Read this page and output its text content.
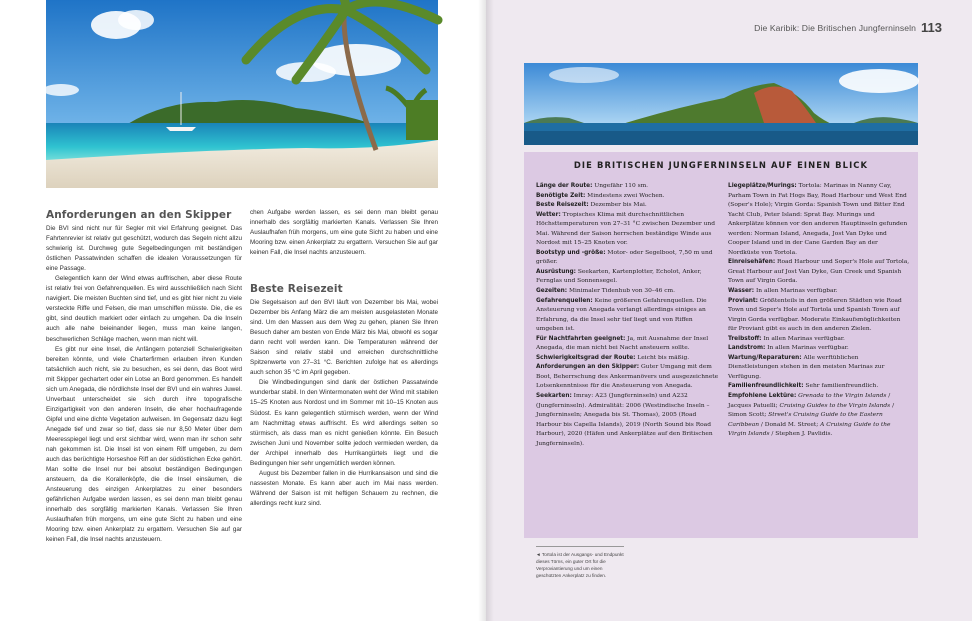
Anforderungen an den Skipper

Die BVI sind nicht nur für Segler mit viel Erfahrung geeignet. Das Fahrtenrevier ist relativ gut geschützt, wodurch das Segeln nicht allzu schwierig ist. Durchweg gute Segelbedingungen mit beständigen östlichen Passatwinden schaffen die idealen Voraussetzungen für eine Passage.

Gelegentlich kann der Wind etwas auffrischen, aber diese Route ist relativ frei von Gefahrenquellen. Es wird ausschließlich nach Sicht navigiert. Die meisten Buchten sind tief, und es gibt hier nicht zu viele versteckte Riffe und Felsen, die man umschiffen müsste. Die, die es gibt, sind deutlich markiert oder einfach zu umgehen. Da die Inseln auch alle nahe beieinander liegen, muss man keine langen, beschwerlichen Schläge machen, wenn man nicht will.

Es gibt nur eine Insel, die Anfängern potenziell Schwierigkeiten bereiten könnte, und viele Charterfirmen erlauben ihren Kunden tatsächlich auch nicht, sie zu besuchen, es sei denn, das Boot wird mit Skipper gechartert oder ein Lotse an Bord genommen. Es handelt sich um Anegada, die nördlichste Insel der BVI und ein wahres Juwel. Unverbaut unterscheidet sie sich durch ihre topografische Einzigartigkeit von den anderen Inseln, die eher hochaufragende Gipfel und eine dichte Vegetation aufweisen. Im Gegensatz dazu liegt Anegade tief und zwar so tief, dass sie nur 8,50 Meter über dem Meeresspiegel liegt und erst sichtbar wird, wenn man ihr schon sehr nah gekommen ist. Die Insel ist von einem Riff umgeben, zu dem auch das berüchtigte Horseshoe Riff an der südöstlichen Ecke gehört. Man sollte die Insel nur bei absolut beständigen Bedingungen ansteuern, da die Korallenköpfe, die die Insel einsäumen, die Ansteuerung des einzigen Ankerplatzes zu einer besonders gefährlichen Aufgabe werden lassen, es sei denn man bleibt genau innerhalb des sorgfältig markierten Kanals. Verlassen Sie Ihren Auslaufhafen früh morgens, um eine gute Sicht zu haben und eine Mooring bzw. einen Ankerplatz zu ergattern. Versuchen Sie auf gar keinen Fall, die Insel nachts anzusteuern.

chen Aufgabe werden lassen, es sei denn man bleibt genau innerhalb des sorgfältig markierten Kanals. Verlassen Sie Ihren Auslaufhafen früh morgens, um eine gute Sicht zu haben und eine Mooring bzw. einen Ankerplatz zu ergattern. Versuchen Sie auf gar keinen Fall, die Insel nachts anzusteuern.

Beste Reisezeit

Die Segelsaison auf den BVI läuft von Dezember bis Mai, wobei Dezember bis Anfang März die am meisten ausgelasteten Monate sind. Um den Massen aus dem Weg zu gehen, planen Sie Ihren Besuch daher am besten von Ende März bis Mai, obwohl es sogar dann recht voll werden kann. Die Temperaturen während der Saison sind relativ stabil und erreichen durchschnittliche Spitzenwerte von 27–31 °C. Berichten zufolge hat es allerdings auch schon 35 °C im April gegeben.

Die Windbedingungen sind dank der östlichen Passatwinde wunderbar stabil. In den Wintermonaten weht der Wind mit stabilen 15–25 Knoten aus Nordost und im Sommer mit 10–15 Knoten aus Südost. Es kann gelegentlich stürmisch werden, wenn der Wind am Nachmittag etwas auffrischt. Es wird allerdings selten so stürmisch, als dass man es nicht genießen könnte. Ein Besuch zwischen Juni und November sollte jedoch vermieden werden, da der Archipel innerhalb des Hurrikangürtels liegt und die Bedingungen hier sehr ungemütlich werden können.

August bis Dezember fallen in die Hurrikansaison und sind die nassesten Monate. Es kann aber auch im Mai nass werden. Während der Saison ist mit heftigen Schauern zu rechnen, die allerdings recht kurz sind.

Die Karibik: Die Britischen Jungferninseln 113
DIE BRITISCHEN JUNGFERNINSELN AUF EINEN BLICK

Länge der Route: Ungefähr 110 sm.

Benötigte Zeit: Mindestens zwei Wochen.

Beste Reisezeit: Dezember bis Mai.

Wetter: Tropisches Klima mit durchschnittlichen Höchsttemperaturen von 27–31 °C zwischen Dezember und Mai. Während der Saison herrschen beständige Winde aus Nordost mit 15–25 Knoten vor.

Bootstyp und -größe: Motor- oder Segelboot, 7,50 m und größer.

Ausrüstung: Seekarten, Kartenplotter, Echolot, Anker, Fernglas und Sonnensegel.

Gezeiten: Minimaler Tidenhub von 30–46 cm.

Gefahrenquellen: Keine größeren Gefahrenquellen. Die Ansteuerung von Anegada verlangt allerdings einiges an Erfahrung, da die Insel sehr tief liegt und von Riffen umgeben ist.

Für Nachtfahrten geeignet: Ja, mit Ausnahme der Insel Anegada, die man nicht bei Nacht ansteuern sollte.

Schwierigkeitsgrad der Route: Leicht bis mäßig.

Anforderungen an den Skipper: Guter Umgang mit dem Boot, Beherrschung des Ankermanövers und ausgezeichnete Lotsenkenntnisse für die Ansteuerung von Anegada.

Seekarten: Imray: A23 (Jungferninseln) und A232 (Jungferninseln). Admiralität: 2006 (Westindische Inseln – Jungferninseln; Anegada bis St. Thomas), 2005 (Road Harbour bis Capella Islands), 2019 (North Sound bis Road Harbour), 2020 (Häfen und Ankerplätze auf den Britischen Jungferninseln).

Liegeplätze/Murings: Tortola: Marinas in Nanny Cay, Parham Town in Fat Hogs Bay, Road Harbour und West End (Soper's Hole); Virgin Gorda: Spanish Town und Bitter End Yacht Club, Peter Island: Sprat Bay. Murings und Ankerplätze können vor den anderen Hauptinseln gefunden werden: Norman Island, Anegada, Jost Van Dyke und Cooper Island und in der Cane Garden Bay an der Nordküste von Tortola.

Einreisehäfen: Road Harbour und Soper's Hole auf Tortola, Great Harbour auf Jost Van Dyke, Gun Creek und Spanish Town auf Virgin Gorda.

Wasser: In allen Marinas verfügbar.

Proviant: Größtenteils in den größeren Städten wie Road Town und Soper's Hole auf Tortola und Spanish Town auf Virgin Gorda verfügbar. Moderate Einkaufsmöglichkeiten für Proviant gibt es auch in den anderen Zielen.

Treibstoff: In allen Marinas verfügbar.

Landstrom: In allen Marinas verfügbar.

Wartung/Reparaturen: Alle werftüblichen Dienstleistungen stehen in den meisten Marinas zur Verfügung.

Familienfreundlichkeit: Sehr familienfreundlich.

Empfohlene Lektüre: Grenada to the Virgin Islands / Jacques Patuelli; Cruising Guides to the Virgin Islands / Simon Scott; Street's Cruising Guide to the Eastern Caribbean / Donald M. Street; A Cruising Guide to the Virgin Islands / Stephen J. Pavlidis.

◄ Tortola ist der Ausgangs- und Endpunkt dieses Törns, ein guter Ort für die Verproviantierung und um einen geschützten Ankerplatz zu finden.
